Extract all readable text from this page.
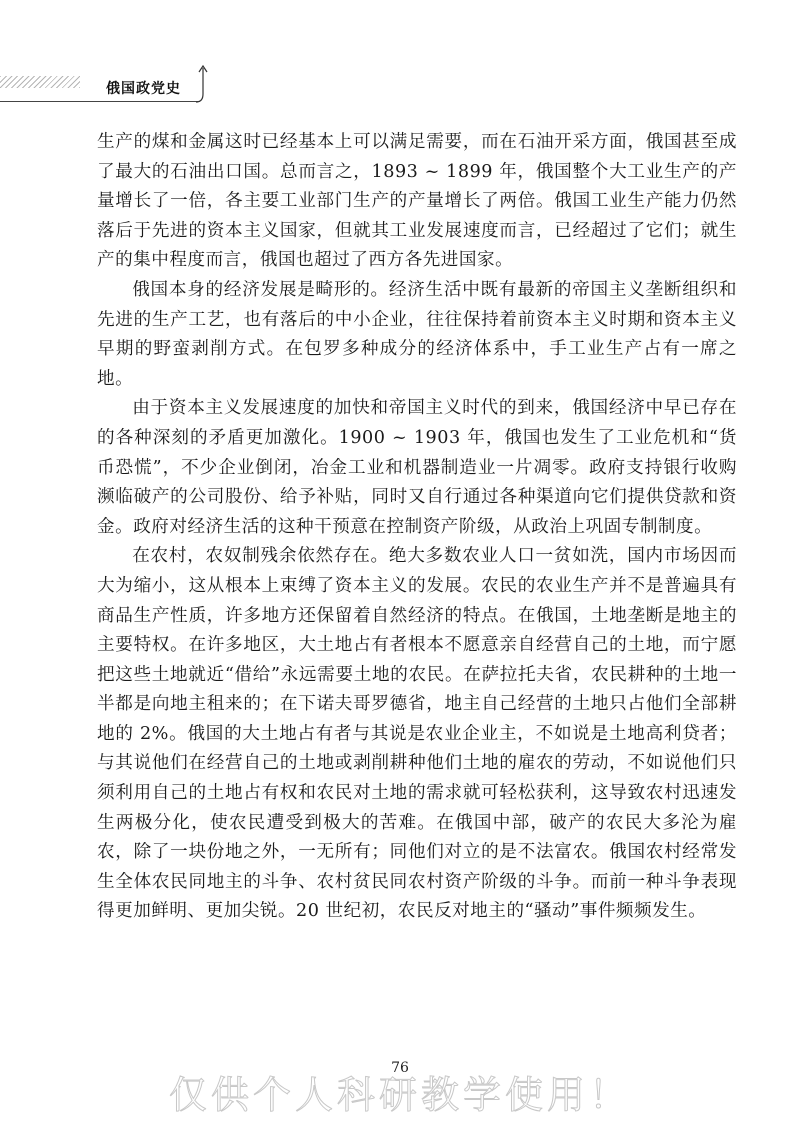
俄国政党史

生产的煤和金属这时已经基本上可以满足需要，而在石油开采方面，俄国甚至成了最大的石油出口国。总而言之，1893 ~ 1899 年，俄国整个大工业生产的产量增长了一倍，各主要工业部门生产的产量增长了两倍。俄国工业生产能力仍然落后于先进的资本主义国家，但就其工业发展速度而言，已经超过了它们；就生产的集中程度而言，俄国也超过了西方各先进国家。

俄国本身的经济发展是畸形的。经济生活中既有最新的帝国主义垄断组织和先进的生产工艺，也有落后的中小企业，往往保持着前资本主义时期和资本主义早期的野蛮剥削方式。在包罗多种成分的经济体系中，手工业生产占有一席之地。

由于资本主义发展速度的加快和帝国主义时代的到来，俄国经济中早已存在的各种深刻的矛盾更加激化。1900 ~ 1903 年，俄国也发生了工业危机和“货币恐慌”，不少企业倒闭，冶金工业和机器制造业一片凋零。政府支持银行收购濒临破产的公司股份、给予补贴，同时又自行通过各种渠道向它们提供贷款和资金。政府对经济生活的这种干预意在控制资产阶级，从政治上巩固专制制度。

在农村，农奴制残余依然存在。绝大多数农业人口一贫如洗，国内市场因而大为缩小，这从根本上束缚了资本主义的发展。农民的农业生产并不是普遍具有商品生产性质，许多地方还保留着自然经济的特点。在俄国，土地垄断是地主的主要特权。在许多地区，大土地占有者根本不愿意亲自经营自己的土地，而宁愿把这些土地就近“借给”永远需要土地的农民。在萨拉托夫省，农民耕种的土地一半都是向地主租来的；在下诺夫哥罗德省，地主自己经营的土地只占他们全部耕地的 2%。俄国的大土地占有者与其说是农业企业主，不如说是土地高利贷者；与其说他们在经营自己的土地或剥削耕种他们土地的雇农的劳动，不如说他们只须利用自己的土地占有权和农民对土地的需求就可轻松获利，这导致农村迅速发生两极分化，使农民遭受到极大的苦难。在俄国中部，破产的农民大多沦为雇农，除了一块份地之外，一无所有；同他们对立的是不法富农。俄国农村经常发生全体农民同地主的斗争、农村贫民同农村资产阶级的斗争。而前一种斗争表现得更加鲜明、更加尖锐。20 世纪初，农民反对地主的“骚动”事件频频发生。

76
仅供个人科研教学使用！
